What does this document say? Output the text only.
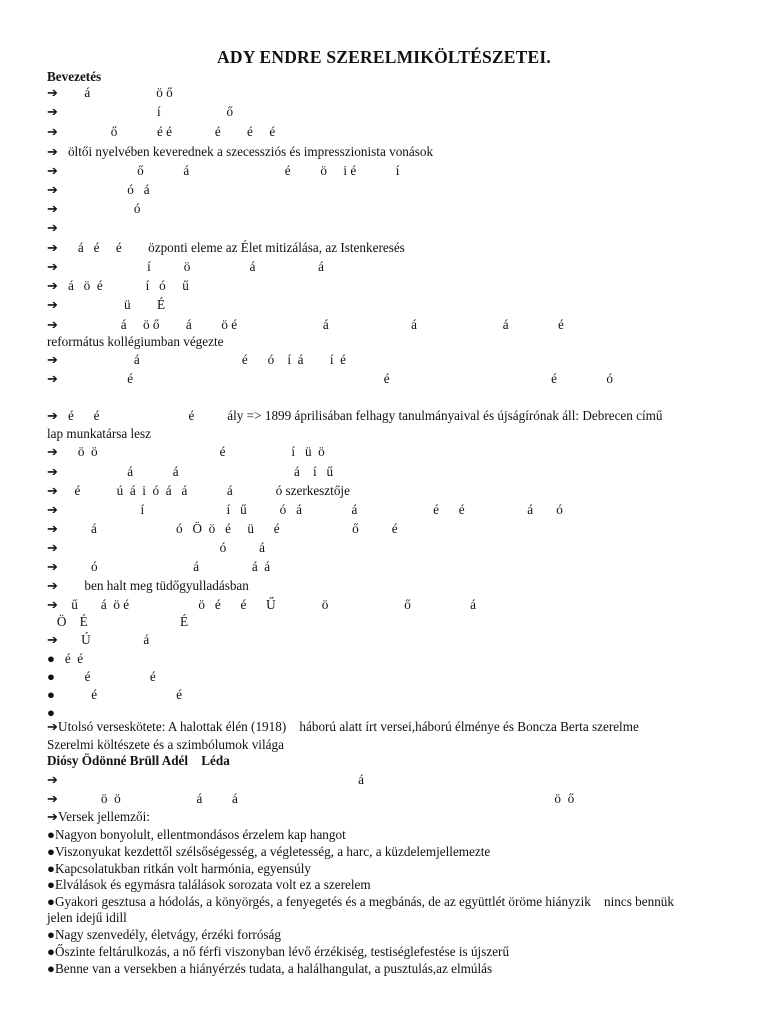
ADY ENDRE SZERELMIKÖLTÉSZETEI.
Bevezetés
➔        á                    ö ő
➔                              í                    ő
➔                ő            é é             é        é     é
➔   öltői nyelvében keverednek a szecessziós és impresszionista vonások
➔                        ő            á                             é         ö     i é            í
➔                     ó   á
➔                       ó
➔
➔      á   é     é        özponti eleme az Élet mitizálása, az Istenkeresés
➔                           í          ö                  á                   á
➔   á   ö  é             í   ó     ű
➔                    ü        É
➔                   á     ö ő        á         ö é                          á                         á                          á               é
református kollégiumban végezte
➔                       á                               é      ó    í  á        í  é
➔                     é                                                                            é                                                 é               ó
➔   é      é                           é          ály => 1899 áprilisában felhagy tanulmányaival és újságírónak áll: Debrecen című
lap munkatársa lesz
➔      ö  ö                                     é                    í   ü  ö
➔                     á            á                                   á    í   ű
➔     é           ú  á  i  ó  á   á            á             ó szerkesztője
➔                         í                         í   ű          ó   á               á                       é      é                   á       ó
➔          á                        ó   Ö  ö   é     ü      é                      ő          é
➔                                                 ó          á
➔          ó                             á                á  á
➔        ben halt meg tüdőgyulladásban
➔    ű       á  ö é                     ö   é      é      Ű              ö                       ő                  á
Ö    É                            É
➔       Ú                á
●   é  é
●         é                  é
●           é                        é
●
➔Utolsó verseskötete: A halottak élén (1918)    háború alatt írt versei,háború élménye és Boncza Berta szerelme
Szerelmi költészete és a szimbólumok világa
Diósy Ödönné Brüll Adél    Léda
➔                                                                                           á
➔             ö  ö                       á         á                                                                                                ö  ő
➔Versek jellemzői:
●Nagyon bonyolult, ellentmondásos érzelem kap hangot
●Viszonyukat kezdettől szélsőségesség, a végletesség, a harc, a küzdelemjellemezte
●Kapcsolatukban ritkán volt harmónia, egyensúly
●Elválások és egymásra találások sorozata volt ez a szerelem
●Gyakori gesztusa a hódolás, a könyörgés, a fenyegetés és a megbánás, de az együttlét öröme hiányzik    nincs bennük
jelen idejű idill
●Nagy szenvedély, életvágy, érzéki forróság
●Őszinte feltárulkozás, a nő férfi viszonyban lévő érzékiség, testiséglefestése is újszerű
●Benne van a versekben a hiányérzés tudata, a halálhangulat, a pusztulás,az elmúlás
